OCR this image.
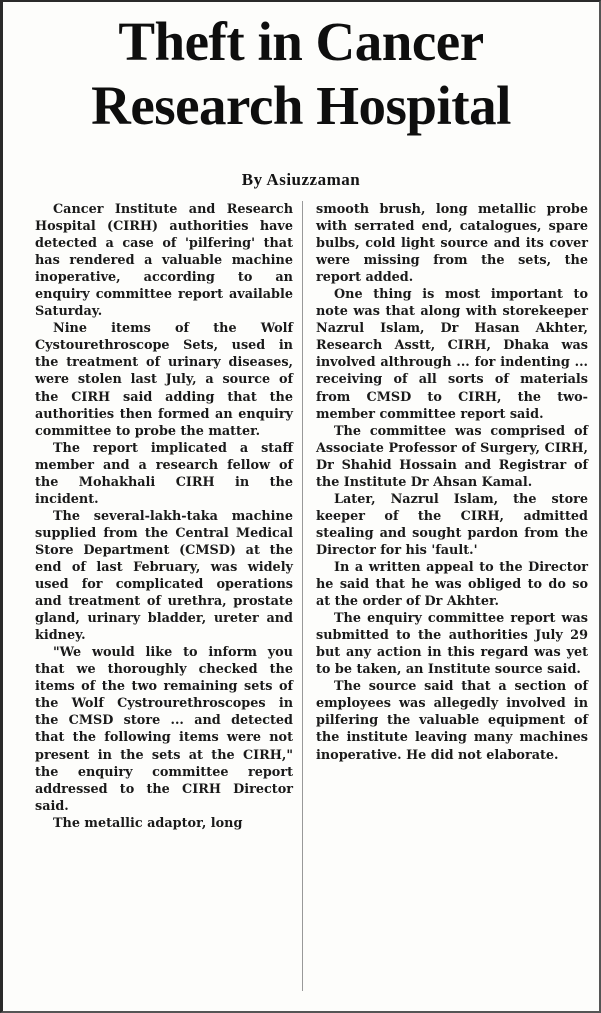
Theft in Cancer
Research Hospital
By Asiuzzaman

Cancer Institute and Research Hospital (CIRH) authorities have detected a case of 'pilfering' that has rendered a valuable machine inoperative, according to an enquiry committee report available Saturday.

Nine items of the Wolf Cystourethroscope Sets, used in the treatment of urinary diseases, were stolen last July, a source of the CIRH said adding that the authorities then formed an enquiry committee to probe the matter.

The report implicated a staff member and a research fellow of the Mohakhali CIRH in the incident.

The several-lakh-taka machine supplied from the Central Medical Store Department (CMSD) at the end of last February, was widely used for complicated operations and treatment of urethra, prostate gland, urinary bladder, ureter and kidney.

"We would like to inform you that we thoroughly checked the items of the two remaining sets of the Wolf Cystrourethroscopes in the CMSD store ... and detected that the following items were not present in the sets at the CIRH," the enquiry committee report addressed to the CIRH Director said.

The metallic adaptor, long

smooth brush, long metallic probe with serrated end, catalogues, spare bulbs, cold light source and its cover were missing from the sets, the report added.

One thing is most important to note was that along with storekeeper Nazrul Islam, Dr Hasan Akhter, Research Asstt, CIRH, Dhaka was involved althrough ... for indenting ... receiving of all sorts of materials from CMSD to CIRH, the two-member committee report said.

The committee was comprised of Associate Professor of Surgery, CIRH, Dr Shahid Hossain and Registrar of the Institute Dr Ahsan Kamal.

Later, Nazrul Islam, the store keeper of the CIRH, admitted stealing and sought pardon from the Director for his 'fault.'

In a written appeal to the Director he said that he was obliged to do so at the order of Dr Akhter.

The enquiry committee report was submitted to the authorities July 29 but any action in this regard was yet to be taken, an Institute source said.

The source said that a section of employees was allegedly involved in pilfering the valuable equipment of the institute leaving many machines inoperative. He did not elaborate.
